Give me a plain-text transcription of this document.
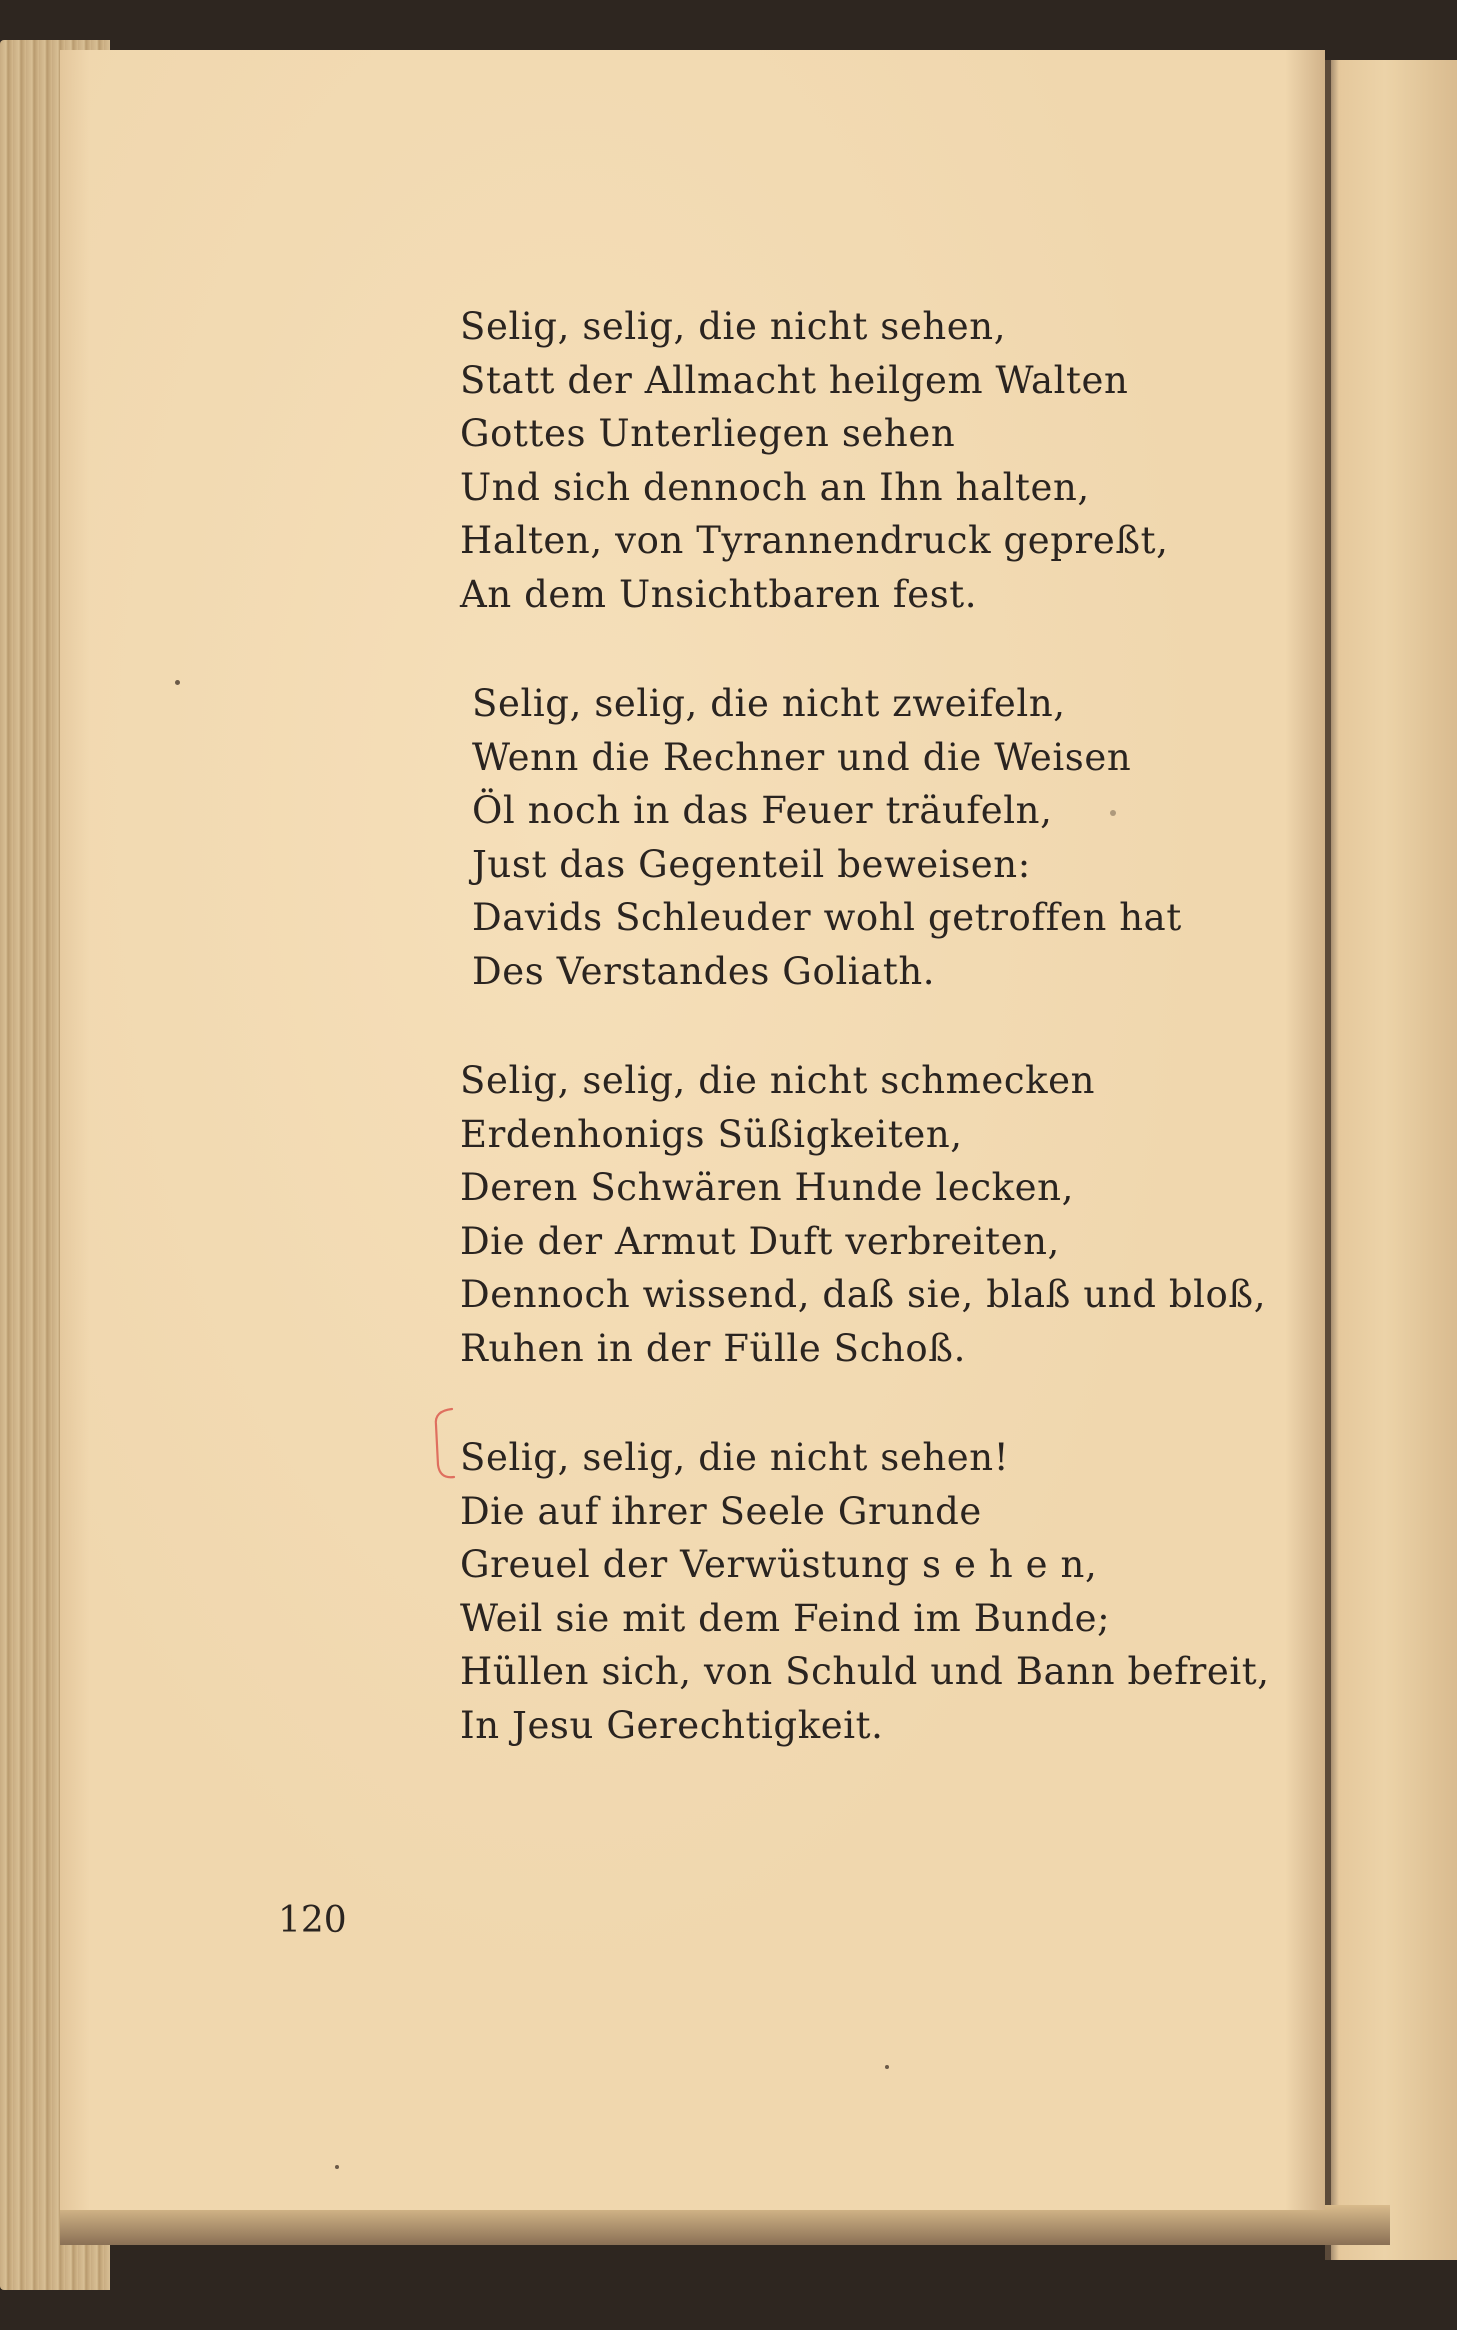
Selig, selig, die nicht sehen,
Statt der Allmacht heilgem Walten
Gottes Unterliegen sehen
Und sich dennoch an Ihn halten,
Halten, von Tyrannendruck gepreßt,
An dem Unsichtbaren fest.
Selig, selig, die nicht zweifeln,
Wenn die Rechner und die Weisen
Öl noch in das Feuer träufeln,
Just das Gegenteil beweisen:
Davids Schleuder wohl getroffen hat
Des Verstandes Goliath.
Selig, selig, die nicht schmecken
Erdenhonigs Süßigkeiten,
Deren Schwären Hunde lecken,
Die der Armut Duft verbreiten,
Dennoch wissend, daß sie, blaß und bloß,
Ruhen in der Fülle Schoß.
Selig, selig, die nicht sehen!
Die auf ihrer Seele Grunde
Greuel der Verwüstung s e h e n,
Weil sie mit dem Feind im Bunde;
Hüllen sich, von Schuld und Bann befreit,
In Jesu Gerechtigkeit.
120
